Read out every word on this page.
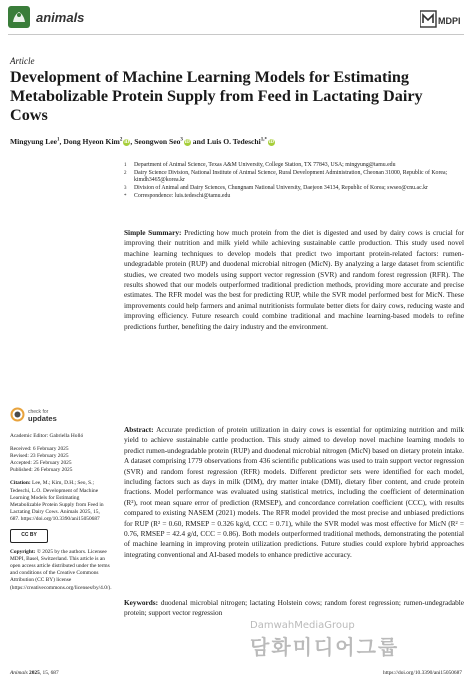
animals	MDPI
Article
Development of Machine Learning Models for Estimating Metabolizable Protein Supply from Feed in Lactating Dairy Cows
Mingyung Lee$^1$, Dong Hyeon Kim$^2$ iD, Seongwon Seo$^3$ iD and Luis O. Tedeschi$^{1,*}$ iD
1 Department of Animal Science, Texas A&M University, College Station, TX 77843, USA; mingyung@tamu.edu
2 Dairy Science Division, National Institute of Animal Science, Rural Development Administration, Cheonan 31000, Republic of Korea; kimdh3465@korea.kr
3 Division of Animal and Dairy Sciences, Chungnam National University, Daejeon 34134, Republic of Korea; swseo@cnu.ac.kr
* Correspondence: luis.tedeschi@tamu.edu
Simple Summary: Predicting how much protein from the diet is digested and used by dairy cows is crucial for improving their nutrition and milk yield while achieving sustainable cattle production. This study used novel machine learning techniques to develop models that predict two important protein-related factors: rumen-undegradable protein (RUP) and duodenal microbial nitrogen (MicN). By analyzing a large dataset from scientific studies, we created two models using support vector regression (SVR) and random forest regression (RFR). The results showed that our models outperformed traditional prediction methods, providing more accurate and precise estimates. The RFR model was the best for predicting RUP, while the SVR model performed best for MicN. These improvements could help farmers and animal nutritionists formulate better diets for dairy cows, reducing waste and improving efficiency. Future research could combine traditional and machine learning-based models to refine predictions further, benefiting the dairy industry and the environment.
Abstract: Accurate prediction of protein utilization in dairy cows is essential for optimizing nutrition and milk yield to achieve sustainable cattle production. This study aimed to develop novel machine learning models to predict rumen-undegradable protein (RUP) and duodenal microbial nitrogen (MicN) based on dietary protein intake. A dataset comprising 1779 observations from 436 scientific publications was used to train support vector regression (SVR) and random forest regression (RFR) models. Different predictor sets were identified for each model, including factors such as days in milk (DIM), dry matter intake (DMI), dietary fiber content, and crude protein fractions. Model performance was evaluated using statistical metrics, including the coefficient of determination (R²), root mean square error of prediction (RMSEP), and concordance correlation coefficient (CCC), with results compared to existing NASEM (2021) models. The RFR model provided the most precise and unbiased predictions for RUP (R² = 0.60, RMSEP = 0.326 kg/d, CCC = 0.71), while the SVR model was most effective for MicN (R² = 0.76, RMSEP = 42.4 g/d, CCC = 0.86). Both models outperformed traditional methods, demonstrating the potential of machine learning in improving protein utilization predictions. Future studies could explore hybrid approaches integrating conventional and AI-based models to enhance predictive accuracy.
Keywords: duodenal microbial nitrogen; lactating Holstein cows; random forest regression; rumen-undegradable protein; support vector regression
check for
updates
Academic Editor: Gabriella Holló
Received: 6 February 2025
Revised: 23 February 2025
Accepted: 25 February 2025
Published: 26 February 2025
Citation: Lee, M.; Kim, D.H.; Seo, S.; Tedeschi, L.O. Development of Machine Learning Models for Estimating Metabolizable Protein Supply from Feed in Lactating Dairy Cows. Animals 2025, 15, 687. https://doi.org/10.3390/ani15050687
CC BY
Copyright: © 2025 by the authors. Licensee MDPI, Basel, Switzerland. This article is an open access article distributed under the terms and conditions of the Creative Commons Attribution (CC BY) license (https://creativecommons.org/licenses/by/4.0/).
DamwahMediaGroup
담화미디어그룹
Animals 2025, 15, 687	https://doi.org/10.3390/ani15050687
